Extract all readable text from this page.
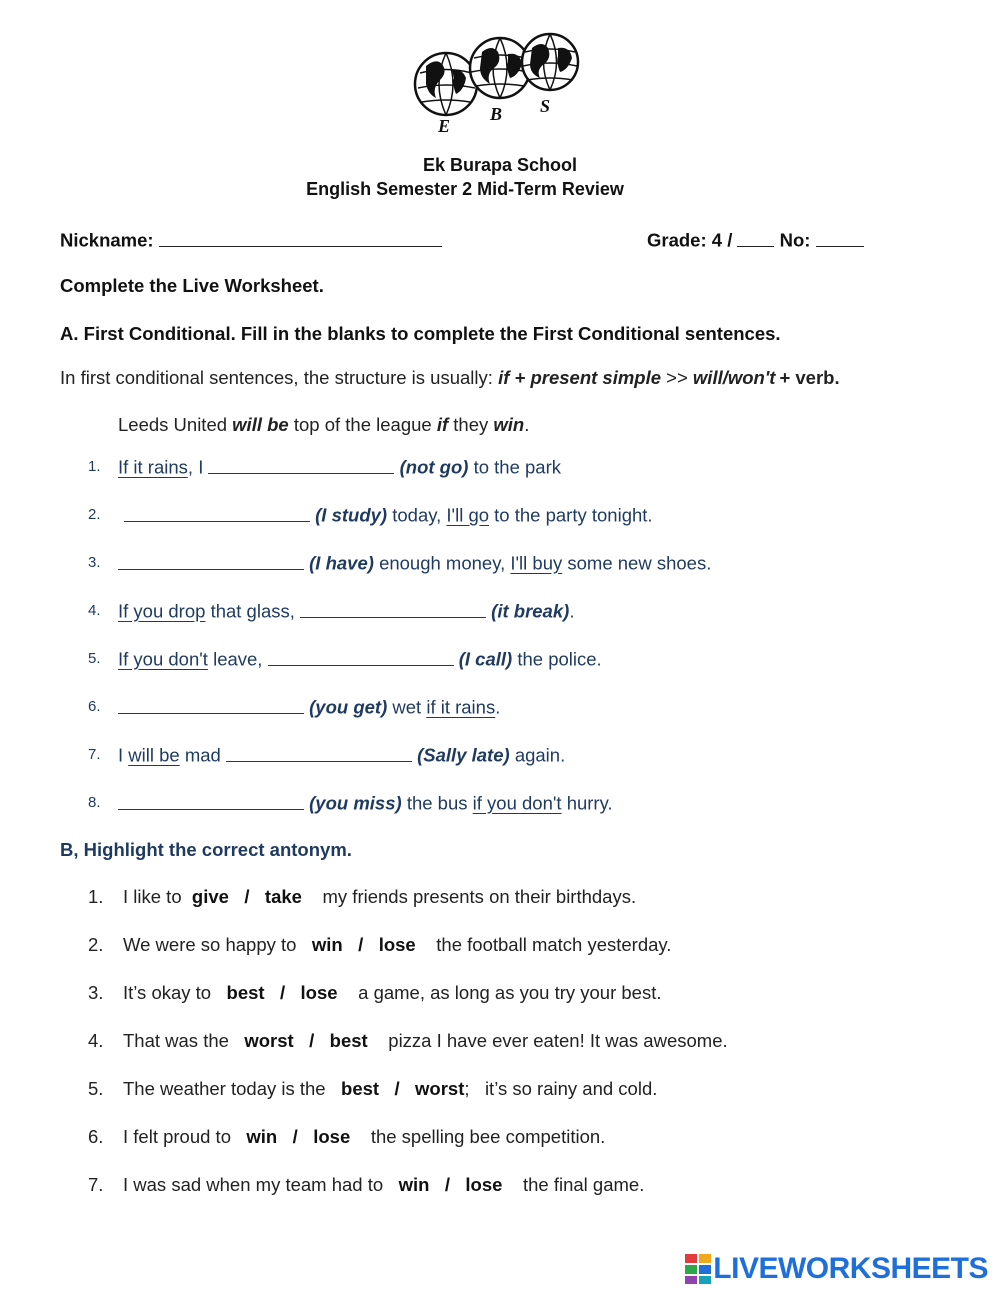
E
B S
Ek Burapa School
English Semester 2 Mid-Term Review
Nickname:	Grade: 4 /	No:
Complete the Live Worksheet.
A. First Conditional. Fill in the blanks to complete the First Conditional sentences.
In first conditional sentences, the structure is usually: if + present simple >> will/won't + verb.
Leeds United will be top of the league if they win.
1. If it rains, I	(not go) to the park
2.	(I study) today, I'll go to the party tonight.
3.	(I have) enough money, I'll buy some new shoes.
4. If you drop that glass,	(it break).
5. If you don't leave,	(I call) the police.
6.	(you get) wet if it rains.
7. I will be mad	(Sally late) again.
8.	(you miss) the bus if you don't hurry.
B, Highlight the correct antonym.
1. I like to give / take my friends presents on their birthdays.
2. We were so happy to win / lose the football match yesterday.
3. It’s okay to best / lose a game, as long as you try your best.
4. That was the worst / best pizza I have ever eaten! It was awesome.
5. The weather today is the best / worst;   it’s so rainy and cold.
6. I felt proud to win / lose the spelling bee competition.
7. I was sad when my team had to win / lose the final game.
LIVEWORKSHEETS
